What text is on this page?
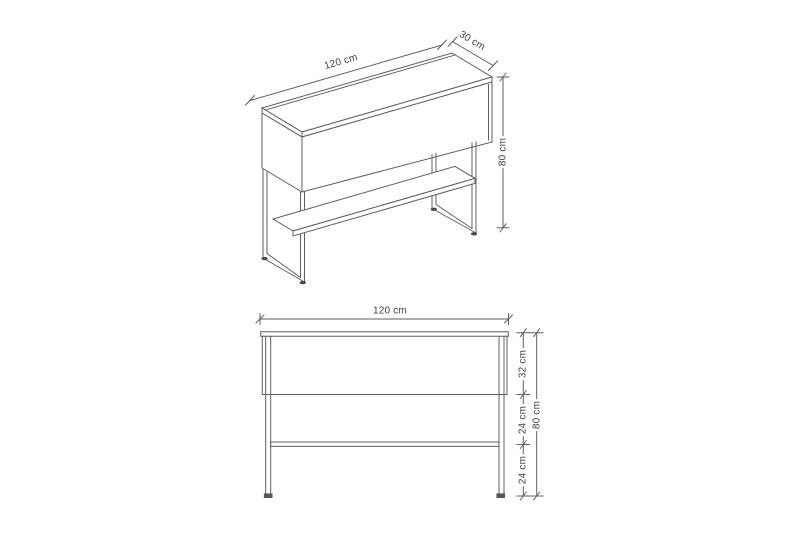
120 cm
30 cm
80 cm
120 cm
32 cm
24 cm
24 cm
80 cm
